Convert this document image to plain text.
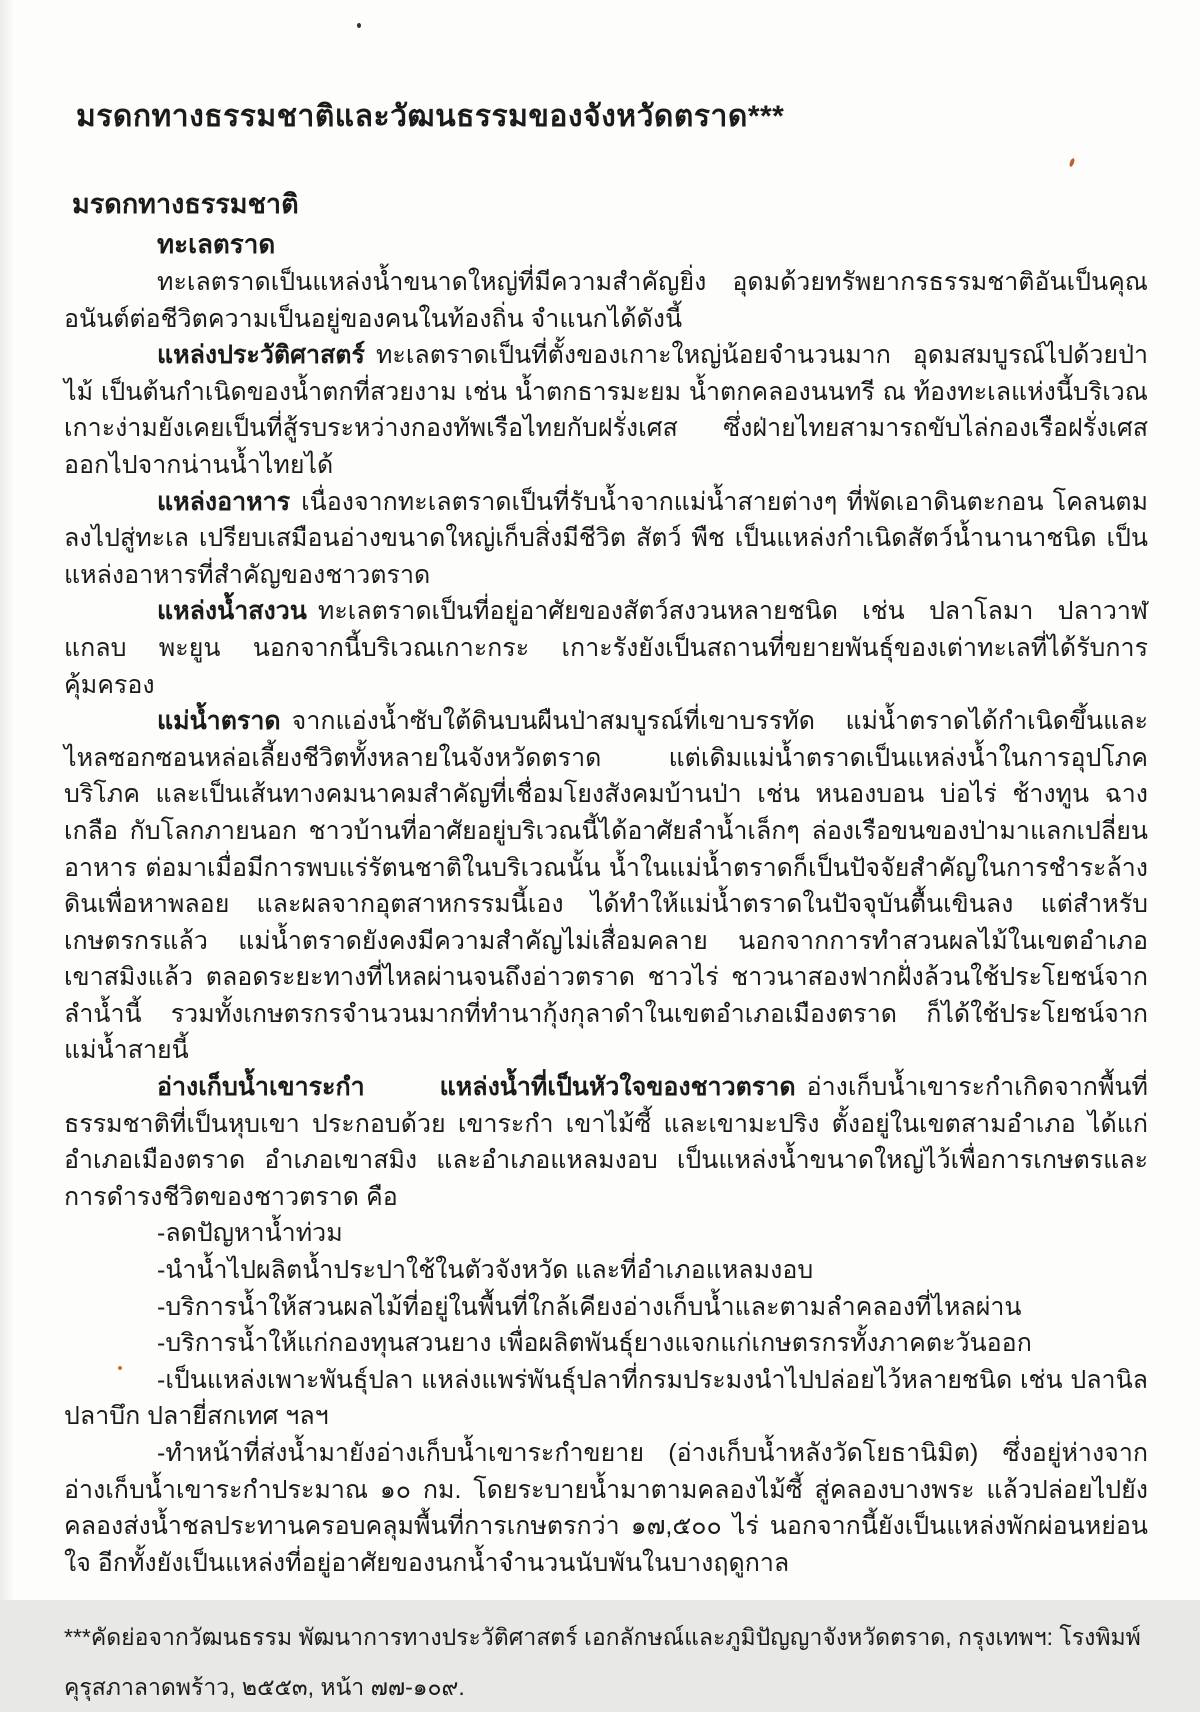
มรดกทางธรรมชาติและวัฒนธรรมของจังหวัดตราด***
มรดกทางธรรมชาติ
ทะเลตราด

ทะเลตราดเป็นแหล่งน้ำขนาดใหญ่ที่มีความสำคัญยิ่ง อุดมด้วยทรัพยากรธรรมชาติอันเป็นคุณอนันต์ต่อชีวิตความเป็นอยู่ของคนในท้องถิ่น จำแนกได้ดังนี้

แหล่งประวัติศาสตร์ ทะเลตราดเป็นที่ตั้งของเกาะใหญ่น้อยจำนวนมาก อุดมสมบูรณ์ไปด้วยป่าไม้ เป็นต้นกำเนิดของน้ำตกที่สวยงาม เช่น น้ำตกธารมะยม น้ำตกคลองนนทรี ณ ท้องทะเลแห่งนี้บริเวณเกาะง่ามยังเคยเป็นที่สู้รบระหว่างกองทัพเรือไทยกับฝรั่งเศส ซึ่งฝ่ายไทยสามารถขับไล่กองเรือฝรั่งเศสออกไปจากน่านน้ำไทยได้

แหล่งอาหาร เนื่องจากทะเลตราดเป็นที่รับน้ำจากแม่น้ำสายต่างๆ ที่พัดเอาดินตะกอน โคลนตมลงไปสู่ทะเล เปรียบเสมือนอ่างขนาดใหญ่เก็บสิ่งมีชีวิต สัตว์ พืช เป็นแหล่งกำเนิดสัตว์น้ำนานาชนิด เป็นแหล่งอาหารที่สำคัญของชาวตราด

แหล่งน้ำสงวน ทะเลตราดเป็นที่อยู่อาศัยของสัตว์สงวนหลายชนิด เช่น ปลาโลมา ปลาวาฬแกลบ พะยูน นอกจากนี้บริเวณเกาะกระ เกาะรังยังเป็นสถานที่ขยายพันธุ์ของเต่าทะเลที่ได้รับการคุ้มครอง

แม่น้ำตราด จากแอ่งน้ำซับใต้ดินบนผืนป่าสมบูรณ์ที่เขาบรรทัด แม่น้ำตราดได้กำเนิดขึ้นและไหลซอกซอนหล่อเลี้ยงชีวิตทั้งหลายในจังหวัดตราด แต่เดิมแม่น้ำตราดเป็นแหล่งน้ำในการอุปโภคบริโภค และเป็นเส้นทางคมนาคมสำคัญที่เชื่อมโยงสังคมบ้านป่า เช่น หนองบอน บ่อไร่ ช้างทูน ฉางเกลือ กับโลกภายนอก ชาวบ้านที่อาศัยอยู่บริเวณนี้ได้อาศัยลำน้ำเล็กๆ ล่องเรือขนของป่ามาแลกเปลี่ยนอาหาร ต่อมาเมื่อมีการพบแร่รัตนชาติในบริเวณนั้น น้ำในแม่น้ำตราดก็เป็นปัจจัยสำคัญในการชำระล้างดินเพื่อหาพลอย และผลจากอุตสาหกรรมนี้เอง ได้ทำให้แม่น้ำตราดในปัจจุบันตื้นเขินลง แต่สำหรับเกษตรกรแล้ว แม่น้ำตราดยังคงมีความสำคัญไม่เสื่อมคลาย นอกจากการทำสวนผลไม้ในเขตอำเภอเขาสมิงแล้ว ตลอดระยะทางที่ไหลผ่านจนถึงอ่าวตราด ชาวไร่ ชาวนาสองฟากฝั่งล้วนใช้ประโยชน์จากลำน้ำนี้ รวมทั้งเกษตรกรจำนวนมากที่ทำนากุ้งกุลาดำในเขตอำเภอเมืองตราด ก็ได้ใช้ประโยชน์จากแม่น้ำสายนี้

อ่างเก็บน้ำเขาระกำ แหล่งน้ำที่เป็นหัวใจของชาวตราด อ่างเก็บน้ำเขาระกำเกิดจากพื้นที่ธรรมชาติที่เป็นหุบเขา ประกอบด้วย เขาระกำ เขาไม้ซี้ และเขามะปริง ตั้งอยู่ในเขตสามอำเภอ ได้แก่ อำเภอเมืองตราด อำเภอเขาสมิง และอำเภอแหลมงอบ เป็นแหล่งน้ำขนาดใหญ่ไว้เพื่อการเกษตรและการดำรงชีวิตของชาวตราด คือ

-ลดปัญหาน้ำท่วม

-นำน้ำไปผลิตน้ำประปาใช้ในตัวจังหวัด และที่อำเภอแหลมงอบ

-บริการน้ำให้สวนผลไม้ที่อยู่ในพื้นที่ใกล้เคียงอ่างเก็บน้ำและตามลำคลองที่ไหลผ่าน

-บริการน้ำให้แก่กองทุนสวนยาง เพื่อผลิตพันธุ์ยางแจกแก่เกษตรกรทั้งภาคตะวันออก

-เป็นแหล่งเพาะพันธุ์ปลา แหล่งแพร่พันธุ์ปลาที่กรมประมงนำไปปล่อยไว้หลายชนิด เช่น ปลานิล ปลาบึก ปลายี่สกเทศ ฯลฯ

-ทำหน้าที่ส่งน้ำมายังอ่างเก็บน้ำเขาระกำขยาย (อ่างเก็บน้ำหลังวัดโยธานิมิต) ซึ่งอยู่ห่างจากอ่างเก็บน้ำเขาระกำประมาณ ๑๐ กม. โดยระบายน้ำมาตามคลองไม้ซี้ สู่คลองบางพระ แล้วปล่อยไปยังคลองส่งน้ำชลประทานครอบคลุมพื้นที่การเกษตรกว่า ๑๗,๕๐๐ ไร่ นอกจากนี้ยังเป็นแหล่งพักผ่อนหย่อนใจ อีกทั้งยังเป็นแหล่งที่อยู่อาศัยของนกน้ำจำนวนนับพันในบางฤดูกาล

***คัดย่อจากวัฒนธรรม พัฒนาการทางประวัติศาสตร์ เอกลักษณ์และภูมิปัญญาจังหวัดตราด, กรุงเทพฯ: โรงพิมพ์คุรุสภาลาดพร้าว, ๒๕๕๓, หน้า ๗๗-๑๐๙.
